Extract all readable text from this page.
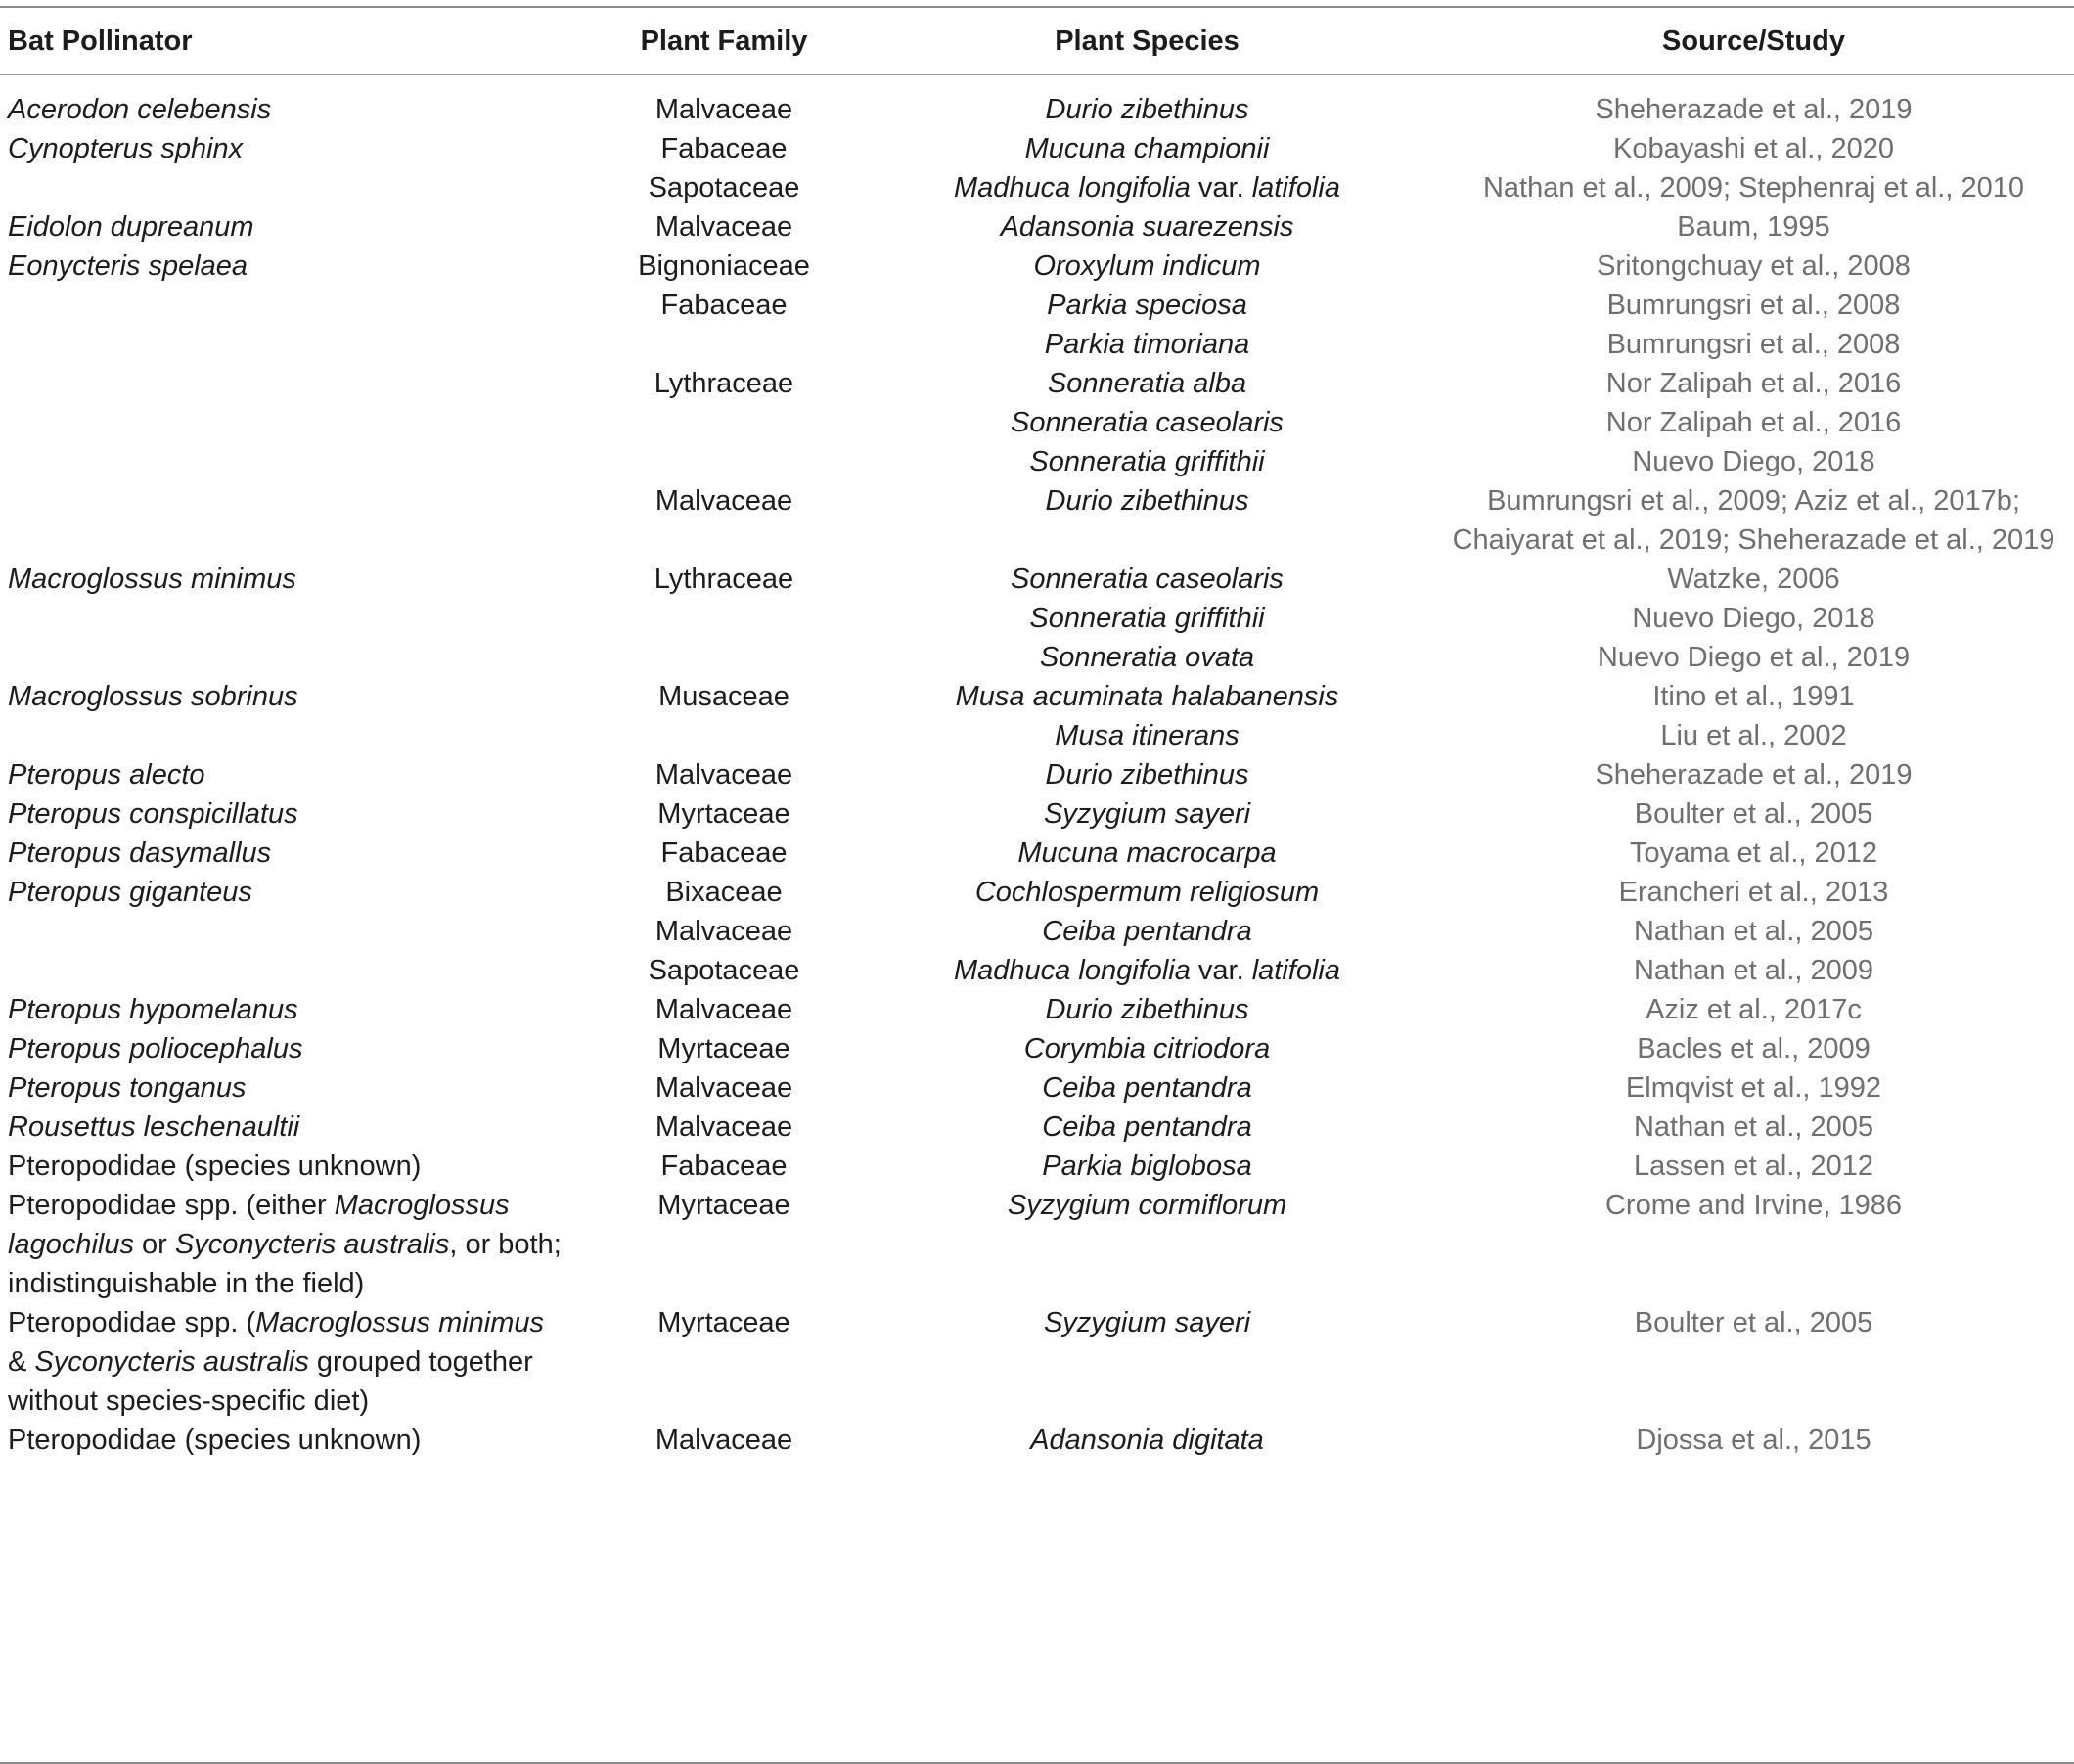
Bat Pollinator	Plant Family	Plant Species	Source/Study
Acerodon celebensis	Malvaceae	Durio zibethinus	Sheherazade et al., 2019
Cynopterus sphinx	Fabaceae	Mucuna championii	Kobayashi et al., 2020
	Sapotaceae	Madhuca longifolia var. latifolia	Nathan et al., 2009; Stephenraj et al., 2010
Eidolon dupreanum	Malvaceae	Adansonia suarezensis	Baum, 1995
Eonycteris spelaea	Bignoniaceae	Oroxylum indicum	Sritongchuay et al., 2008
	Fabaceae	Parkia speciosa	Bumrungsri et al., 2008
		Parkia timoriana	Bumrungsri et al., 2008
	Lythraceae	Sonneratia alba	Nor Zalipah et al., 2016
		Sonneratia caseolaris	Nor Zalipah et al., 2016
		Sonneratia griffithii	Nuevo Diego, 2018
	Malvaceae	Durio zibethinus	Bumrungsri et al., 2009; Aziz et al., 2017b; Chaiyarat et al., 2019; Sheherazade et al., 2019
Macroglossus minimus	Lythraceae	Sonneratia caseolaris	Watzke, 2006
		Sonneratia griffithii	Nuevo Diego, 2018
		Sonneratia ovata	Nuevo Diego et al., 2019
Macroglossus sobrinus	Musaceae	Musa acuminata halabanensis	Itino et al., 1991
		Musa itinerans	Liu et al., 2002
Pteropus alecto	Malvaceae	Durio zibethinus	Sheherazade et al., 2019
Pteropus conspicillatus	Myrtaceae	Syzygium sayeri	Boulter et al., 2005
Pteropus dasymallus	Fabaceae	Mucuna macrocarpa	Toyama et al., 2012
Pteropus giganteus	Bixaceae	Cochlospermum religiosum	Erancheri et al., 2013
	Malvaceae	Ceiba pentandra	Nathan et al., 2005
	Sapotaceae	Madhuca longifolia var. latifolia	Nathan et al., 2009
Pteropus hypomelanus	Malvaceae	Durio zibethinus	Aziz et al., 2017c
Pteropus poliocephalus	Myrtaceae	Corymbia citriodora	Bacles et al., 2009
Pteropus tonganus	Malvaceae	Ceiba pentandra	Elmqvist et al., 1992
Rousettus leschenaultii	Malvaceae	Ceiba pentandra	Nathan et al., 2005
Pteropodidae (species unknown)	Fabaceae	Parkia biglobosa	Lassen et al., 2012
Pteropodidae spp. (either Macroglossus lagochilus or Syconycteris australis, or both; indistinguishable in the field)	Myrtaceae	Syzygium cormiflorum	Crome and Irvine, 1986
Pteropodidae spp. (Macroglossus minimus & Syconycteris australis grouped together without species-specific diet)	Myrtaceae	Syzygium sayeri	Boulter et al., 2005
Pteropodidae (species unknown)	Malvaceae	Adansonia digitata	Djossa et al., 2015
